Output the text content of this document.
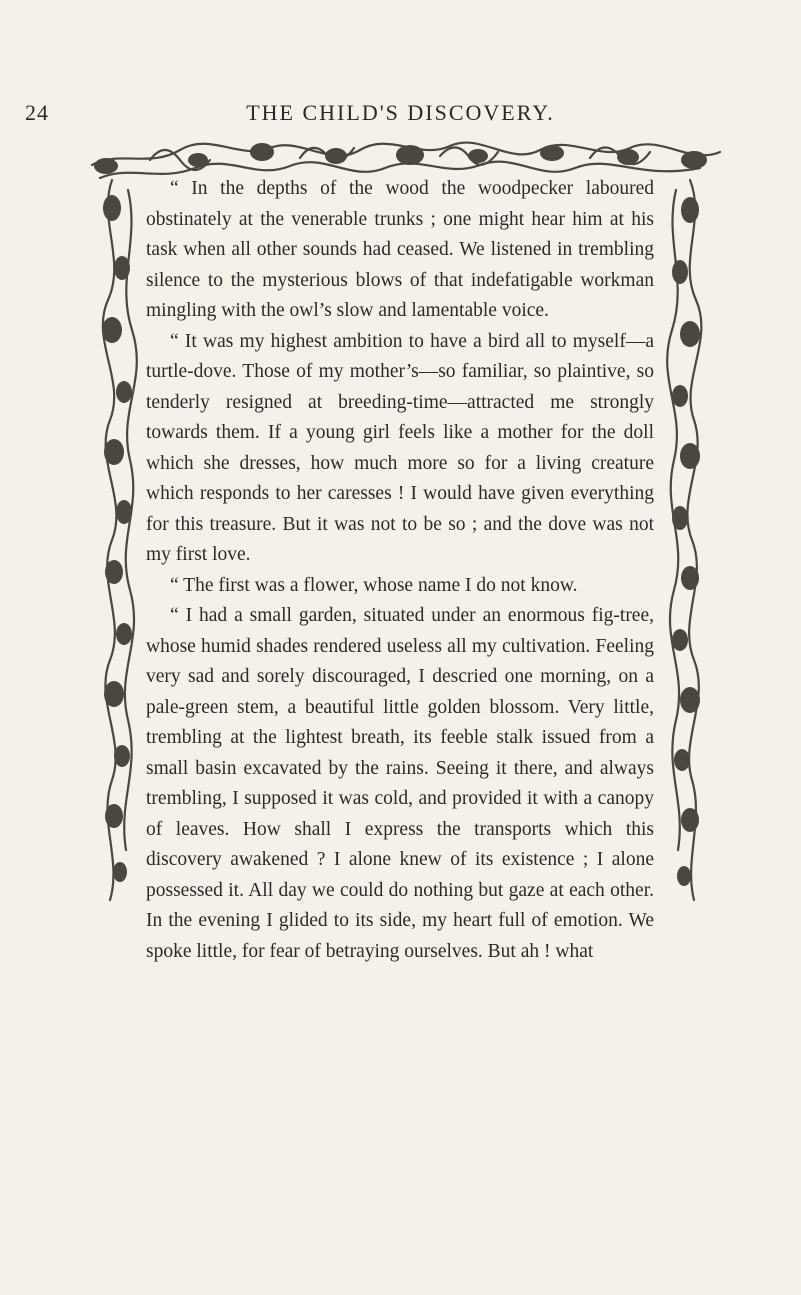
24	THE CHILD'S DISCOVERY.

“ In the depths of the wood the woodpecker laboured obstinately at the venerable trunks ; one might hear him at his task when all other sounds had ceased. We listened in trembling silence to the mysterious blows of that indefatigable workman mingling with the owl’s slow and lamentable voice.

“ It was my highest ambition to have a bird all to myself—a turtle-dove. Those of my mother’s—so familiar, so plaintive, so tenderly resigned at breeding-time—attracted me strongly towards them. If a young girl feels like a mother for the doll which she dresses, how much more so for a living creature which responds to her caresses ! I would have given everything for this treasure. But it was not to be so ; and the dove was not my first love.

“ The first was a flower, whose name I do not know.

“ I had a small garden, situated under an enormous fig-tree, whose humid shades rendered useless all my cultivation. Feeling very sad and sorely discouraged, I descried one morning, on a pale-green stem, a beautiful little golden blossom. Very little, trembling at the lightest breath, its feeble stalk issued from a small basin excavated by the rains. Seeing it there, and always trembling, I supposed it was cold, and provided it with a canopy of leaves. How shall I express the transports which this discovery awakened ? I alone knew of its existence ; I alone possessed it. All day we could do nothing but gaze at each other. In the evening I glided to its side, my heart full of emotion. We spoke little, for fear of betraying ourselves. But ah ! what
